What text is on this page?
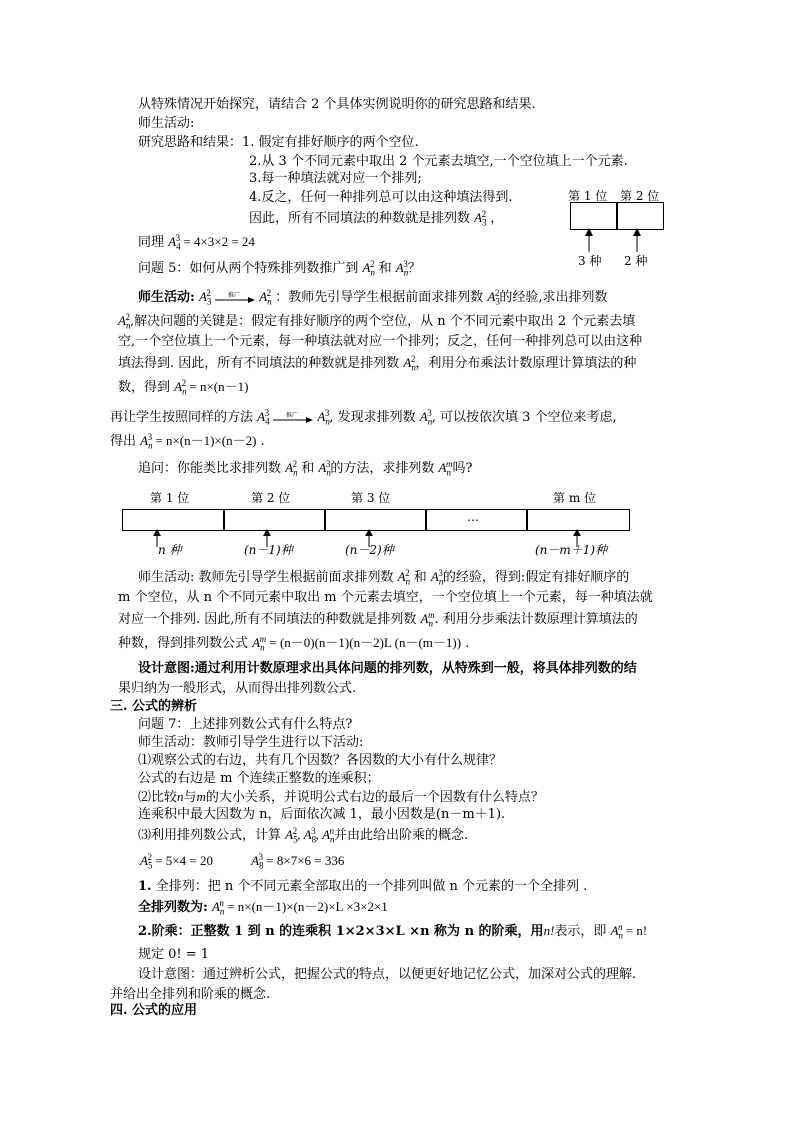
从特殊情况开始探究，请结合 2 个具体实例说明你的研究思路和结果.
师生活动:
研究思路和结果：1. 假定有排好顺序的两个空位.
2.从 3 个不同元素中取出 2 个元素去填空,一个空位填上一个元素.
3.每一种填法就对应一个排列;
4.反之，任何一种排列总可以由这种填法得到.
因此，所有不同填法的种数就是排列数 $A_3^2$ ，
第 1 位 第 2 位
3 种 2 种
同理 $A_4^3 = 4\times 3\times 2 = 24$
问题 5：如何从两个特殊排列数推广到 $A_n^2$ 和 $A_n^3$？
师生活动: $A_3^2$	推广 $A_n^2$ ：教师先引导学生根据前面求排列数 $A_3^2$的经验,求出排列数
$A_n^2$,解决问题的关键是：假定有排好顺序的两个空位，从 n 个不同元素中取出 2 个元素去填
空,一个空位填上一个元素，每一种填法就对应一个排列；反之，任何一种排列总可以由这种
填法得到. 因此，所有不同填法的种数就是排列数 $A_n^2$，利用分布乘法计数原理计算填法的种
数，得到 $A_n^2 = n\times(n-1)$
再让学生按照同样的方法 $A_4^3$	推广 $A_n^3$, 发现求排列数 $A_n^3$, 可以按依次填 3 个空位来考虑,
得出 $A_n^3 = n\times(n-1)\times(n-2)$ .
追问：你能类比求排列数 $A_n^2$ 和 $A_n^3$的方法，求排列数 $A_n^m$吗?
第 1 位	第 2 位	第 3 位	第 m 位
…
n 种	(n－1)种	(n－2)种	(n－m＋1)种
师生活动: 教师先引导学生根据前面求排列数 $A_n^2$ 和 $A_n^3$的经验，得到:假定有排好顺序的
m 个空位，从 n 个不同元素中取出 m 个元素去填空，一个空位填上一个元素，每一种填法就
对应一个排列. 因此,所有不同填法的种数就是排列数 $A_n^m$. 利用分步乘法计数原理计算填法的
种数，得到排列数公式 $A_n^m = (n-0)(n-1)(n-2)L$ (n－(m－1)) .
设计意图:通过利用计数原理求出具体问题的排列数，从特殊到一般，将具体排列数的结
果归纳为一般形式，从而得出排列数公式.
三. 公式的辨析
问题 7：上述排列数公式有什么特点?
师生活动：教师引导学生进行以下活动:
⑴观察公式的右边，共有几个因数？各因数的大小有什么规律？
公式的右边是 m 个连续正整数的连乘积；
⑵比较n与m的大小关系，并说明公式右边的最后一个因数有什么特点？
连乘积中最大因数为 n，后面依次减 1，最小因数是(n－m＋1).
⑶利用排列数公式，计算 $A_5^2$, $A_8^3$, $A_n^n$并由此给出阶乘的概念.
$A_5^2 = 5\times 4 = 20$	$A_8^3 = 8\times 7\times 6 = 336$
1. 全排列：把 n 个不同元素全部取出的一个排列叫做 n 个元素的一个全排列 .
全排列数为: $A_n^n = n\times(n-1)\times(n-2)\times L \times 3\times 2\times 1$
2.阶乘：正整数 1 到 n 的连乘积 1×2×3×L ×n 称为 n 的阶乘，用n!表示，即 $A_n^n = n$!
规定 0! = 1
设计意图：通过辨析公式，把握公式的特点，以便更好地记忆公式，加深对公式的理解.
并给出全排列和阶乘的概念.
四. 公式的应用
